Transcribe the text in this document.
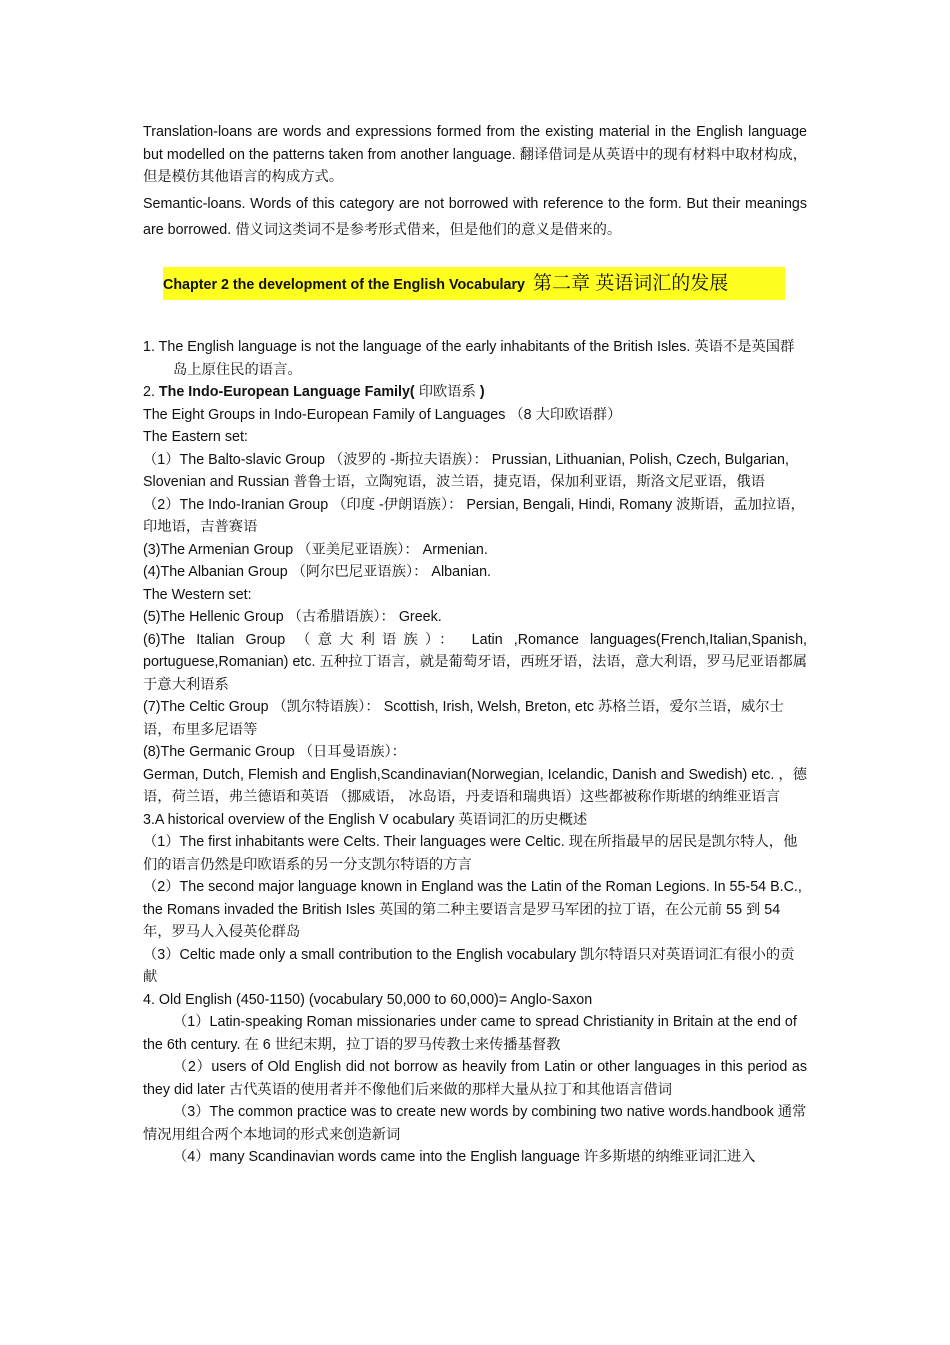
Translation-loans are words and expressions formed from the existing material in the English language but modelled on the patterns taken from another language. 翻译借词是从英语中的现有材料中取材构成，但是模仿其他语言的构成方式。

Semantic-loans. Words of this category are not borrowed with reference to the form. But their meanings are borrowed. 借义词这类词不是参考形式借来，但是他们的意义是借来的。

Chapter 2 the development of the English Vocabulary 第二章 英语词汇的发展

1. The English language is not the language of the early inhabitants of the British Isles. 英语不是英国群岛上原住民的语言。

2. The Indo-European Language Family( 印欧语系 )

The Eight Groups in Indo-European Family of Languages （8 大印欧语群）

The Eastern set:

（1）The Balto-slavic Group （波罗的 -斯拉夫语族）： Prussian, Lithuanian, Polish, Czech, Bulgarian, Slovenian and Russian 普鲁士语，立陶宛语，波兰语，捷克语，保加利亚语，斯洛文尼亚语，俄语

（2）The Indo-Iranian Group （印度 -伊朗语族）： Persian, Bengali, Hindi, Romany 波斯语，孟加拉语，印地语，吉普赛语

(3)The Armenian Group （亚美尼亚语族）： Armenian.

(4)The Albanian Group （阿尔巴尼亚语族）： Albanian.

The Western set:

(5)The Hellenic Group （古希腊语族）： Greek.

(6)The Italian Group （意大利语族）： Latin ,Romance languages(French,Italian,Spanish, portuguese,Romanian) etc. 五种拉丁语言，就是葡萄牙语，西班牙语，法语，意大利语，罗马尼亚语都属于意大利语系

(7)The Celtic Group （凯尔特语族）： Scottish, Irish, Welsh, Breton, etc 苏格兰语，爱尔兰语，威尔士语，布里多尼语等

(8)The Germanic Group （日耳曼语族）：

German, Dutch, Flemish and English,Scandinavian(Norwegian, Icelandic, Danish and Swedish) etc. ，德语，荷兰语，弗兰德语和英语 （挪威语， 冰岛语，丹麦语和瑞典语）这些都被称作斯堪的纳维亚语言

3.A historical overview of the English V ocabulary 英语词汇的历史概述

（1）The first inhabitants were Celts. Their languages were Celtic. 现在所指最早的居民是凯尔特人，他们的语言仍然是印欧语系的另一分支凯尔特语的方言

（2）The second major language known in England was the Latin of the Roman Legions. In 55-54 B.C., the Romans invaded the British Isles 英国的第二种主要语言是罗马军团的拉丁语，在公元前 55 到 54 年，罗马人入侵英伦群岛

（3）Celtic made only a small contribution to the English vocabulary 凯尔特语只对英语词汇有很小的贡献

4. Old English (450-1150) (vocabulary 50,000 to 60,000)= Anglo-Saxon

（1）Latin-speaking Roman missionaries under came to spread Christianity in Britain at the end of the 6th century. 在 6 世纪末期，拉丁语的罗马传教士来传播基督教

（2）users of Old English did not borrow as heavily from Latin or other languages in this period as they did later 古代英语的使用者并不像他们后来做的那样大量从拉丁和其他语言借词

（3）The common practice was to create new words by combining two native words.handbook 通常情况用组合两个本地词的形式来创造新词

（4）many Scandinavian words came into the English language 许多斯堪的纳维亚词汇进入
